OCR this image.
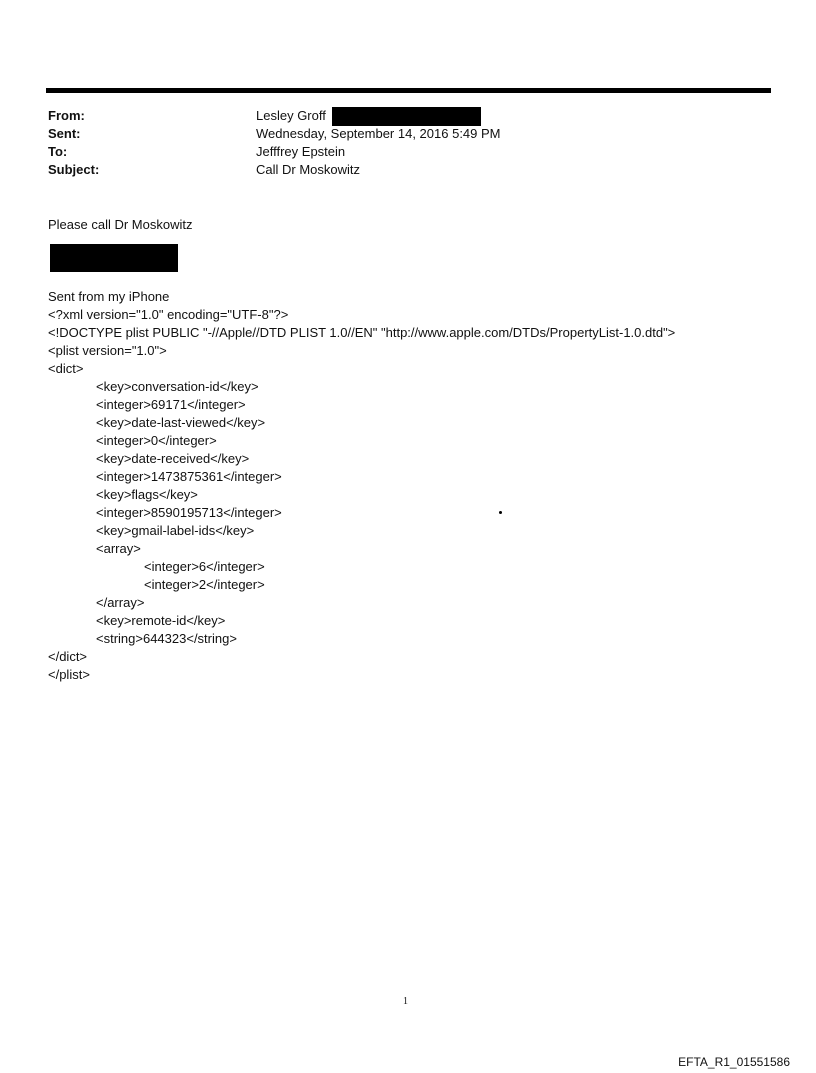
From:	Lesley Groff
Sent:	Wednesday, September 14, 2016 5:49 PM
To:	Jefffrey Epstein
Subject:	Call Dr Moskowitz
Please call Dr Moskowitz
Sent from my iPhone
<?xml version="1.0" encoding="UTF-8"?>
<!DOCTYPE plist PUBLIC "-//Apple//DTD PLIST 1.0//EN" "http://www.apple.com/DTDs/PropertyList-1.0.dtd">
<plist version="1.0">
<dict>
<key>conversation-id</key>
<integer>69171</integer>
<key>date-last-viewed</key>
<integer>0</integer>
<key>date-received</key>
<integer>1473875361</integer>
<key>flags</key>
<integer>8590195713</integer>
<key>gmail-label-ids</key>
<array>
<integer>6</integer>
<integer>2</integer>
</array>
<key>remote-id</key>
<string>644323</string>
</dict>
</plist>
1
EFTA_R1_01551586
